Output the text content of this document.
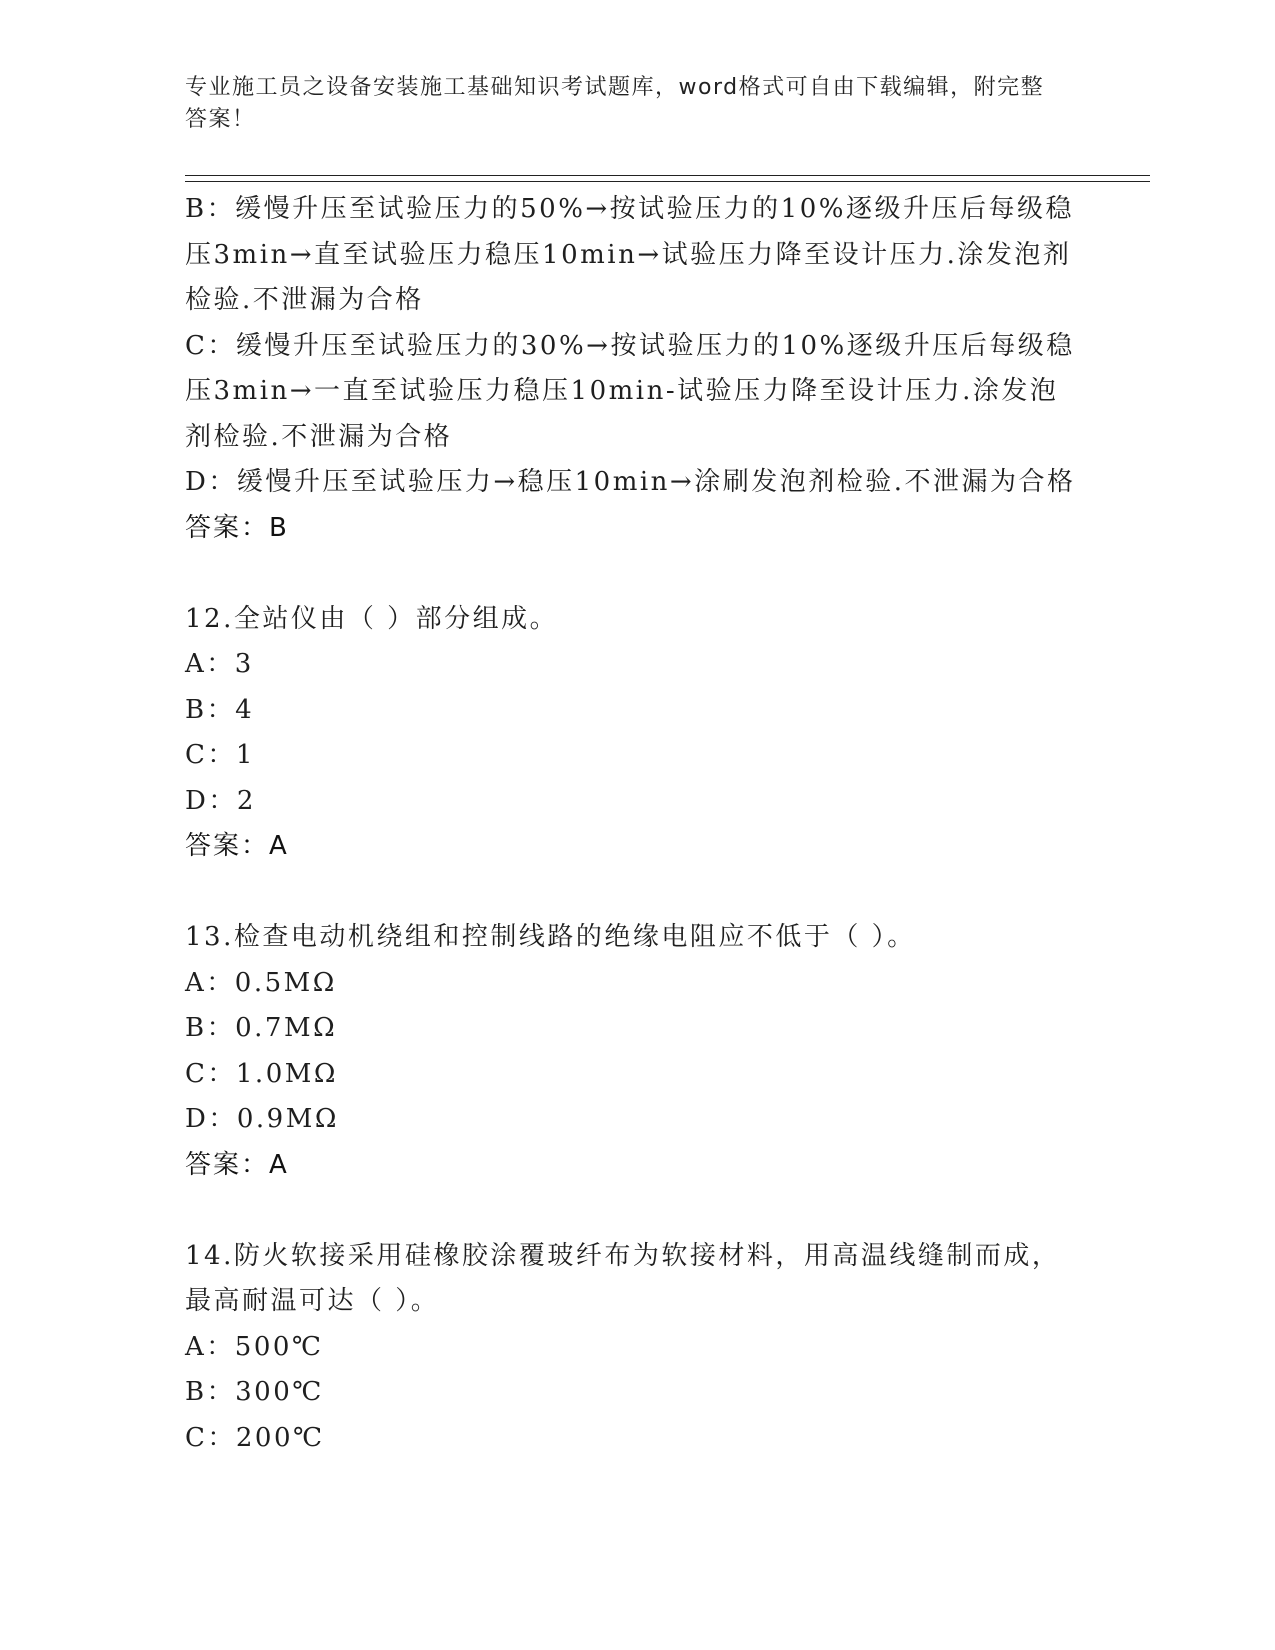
专业施工员之设备安装施工基础知识考试题库，word格式可自由下载编辑，附完整答案！
B：缓慢升压至试验压力的50%→按试验压力的10%逐级升压后每级稳
压3min→直至试验压力稳压10min→试验压力降至设计压力.涂发泡剂
检验.不泄漏为合格
C：缓慢升压至试验压力的30%→按试验压力的10%逐级升压后每级稳
压3min→一直至试验压力稳压10min-试验压力降至设计压力.涂发泡
剂检验.不泄漏为合格
D：缓慢升压至试验压力→稳压10min→涂刷发泡剂检验.不泄漏为合格
答案：B
12.全站仪由（ ）部分组成。
A：3
B：4
C：1
D：2
答案：A
13.检查电动机绕组和控制线路的绝缘电阻应不低于（ ）。
A：0.5MΩ
B：0.7MΩ
C：1.0MΩ
D：0.9MΩ
答案：A
14.防火软接采用硅橡胶涂覆玻纤布为软接材料，用高温线缝制而成，
最高耐温可达（ ）。
A：500℃
B：300℃
C：200℃
